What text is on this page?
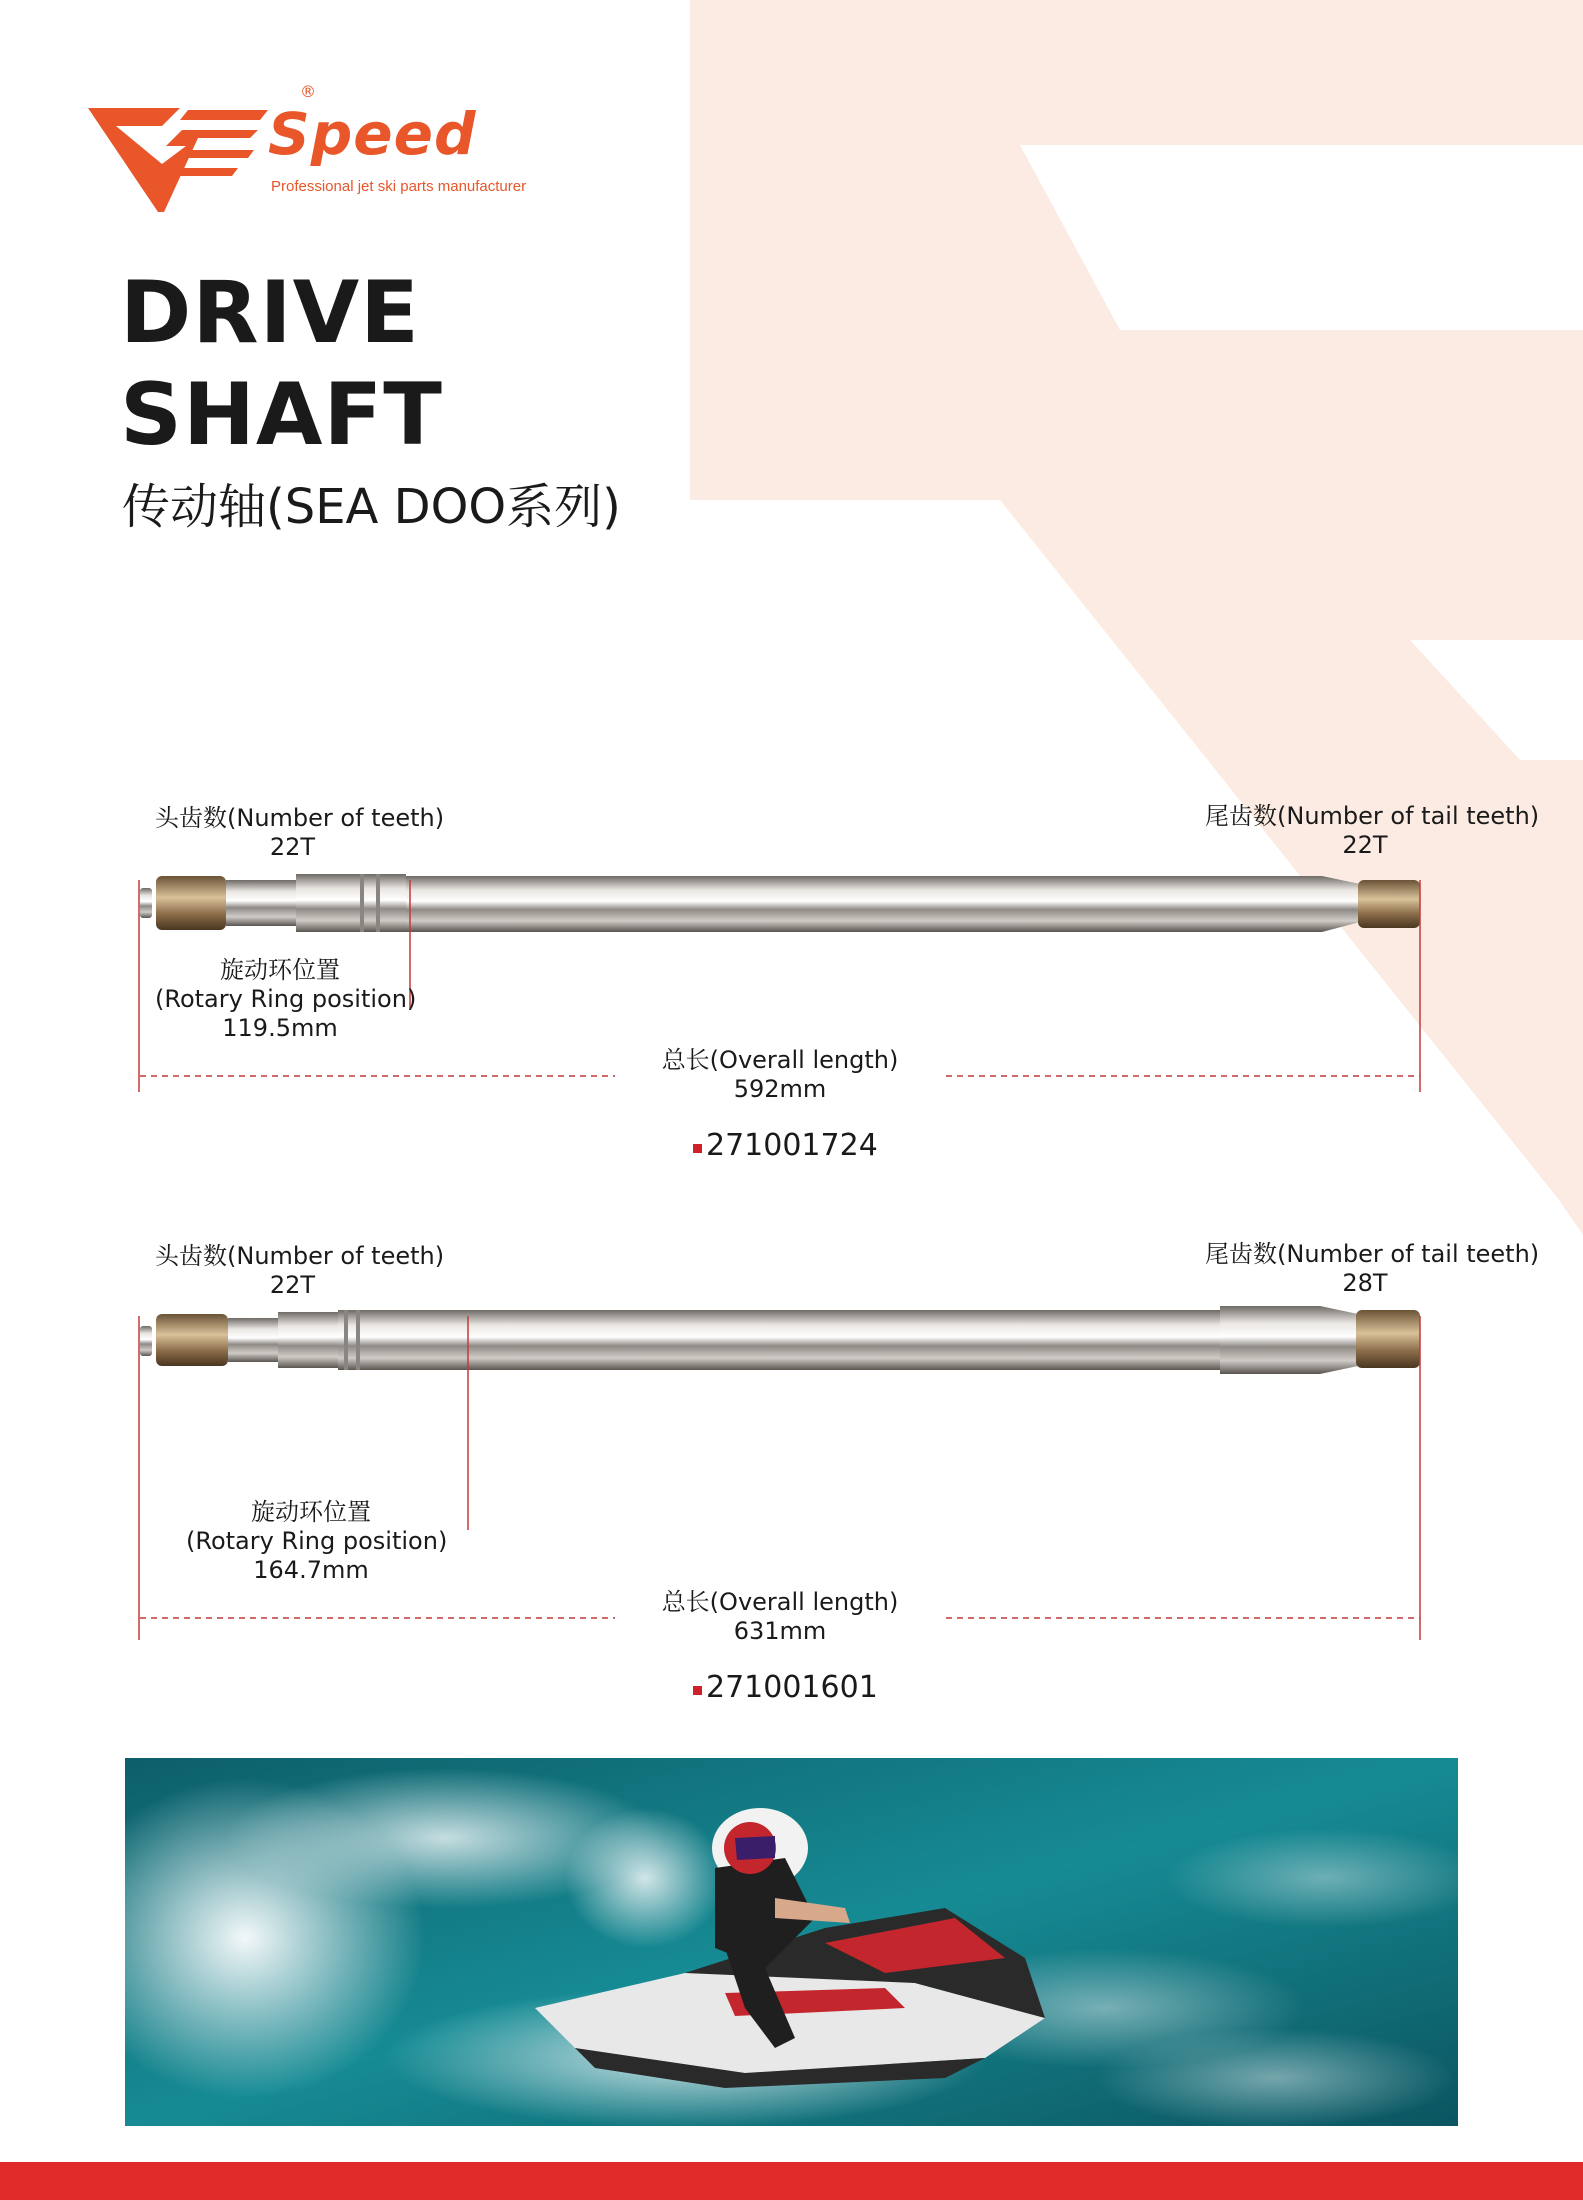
®
Speed
Professional jet ski parts manufacturer
DRIVE
SHAFT
传动轴(SEA DOO系列)
头齿数(Number of teeth)
22T
尾齿数(Number of tail teeth)
22T
旋动环位置
(Rotary Ring position)
119.5mm
总长(Overall length)
592mm
271001724
头齿数(Number of teeth)
22T
尾齿数(Number of tail teeth)
28T
旋动环位置
(Rotary Ring position)
164.7mm
总长(Overall length)
631mm
271001601
